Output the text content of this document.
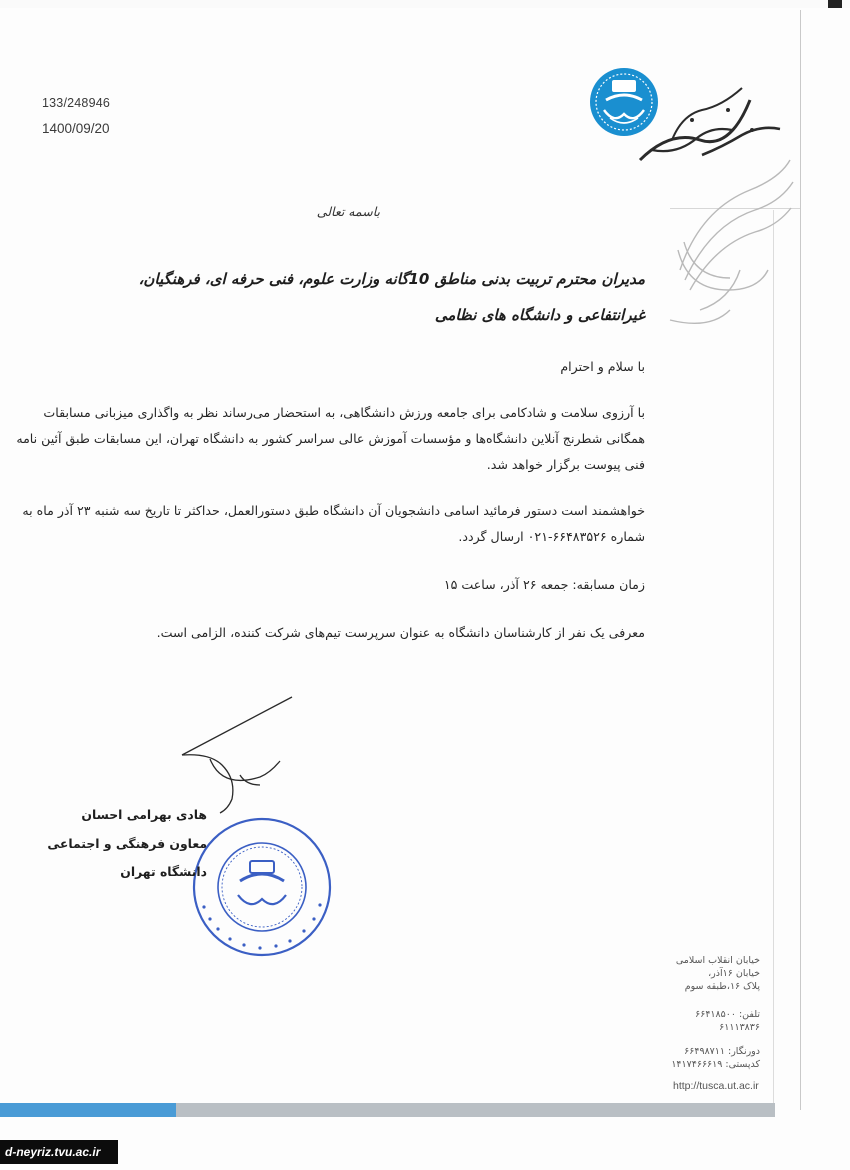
133/248946
1400/09/20
باسمه تعالی
مدیران محترم تربیت بدنی مناطق 10گانه وزارت علوم، فنی حرفه ای، فرهنگیان،
غیرانتفاعی و دانشگاه های نظامی
با سلام و احترام
با آرزوی سلامت و شادکامی برای جامعه ورزش دانشگاهی، به استحضار می‌رساند نظر به واگذاری میزبانی مسابقات همگانی شطرنج آنلاین دانشگاه‌ها و مؤسسات آموزش عالی سراسر کشور به دانشگاه تهران، این مسابقات طبق آئین نامه فنی پیوست برگزار خواهد شد.
خواهشمند است دستور فرمائید اسامی دانشجویان آن دانشگاه طبق دستورالعمل، حداکثر تا تاریخ سه شنبه ۲۳ آذر ماه به شماره ۶۶۴۸۳۵۲۶-۰۲۱ ارسال گردد.
زمان مسابقه: جمعه ۲۶ آذر، ساعت ۱۵
معرفی یک نفر از کارشناسان دانشگاه به عنوان سرپرست تیم‌های شرکت کننده، الزامی است.
هادی بهرامی احسان
معاون فرهنگی و اجتماعی
دانشگاه تهران
خیابان انقلاب اسلامی
خیابان ۱۶آذر،
پلاک ۱۶،طبقه سوم
تلفن: ۶۶۴۱۸۵۰۰
۶۱۱۱۳۸۳۶
دورنگار: ۶۶۴۹۸۷۱۱
کدپستی: ۱۴۱۷۴۶۶۶۱۹
http://tusca.ut.ac.ir
d-neyriz.tvu.ac.ir
